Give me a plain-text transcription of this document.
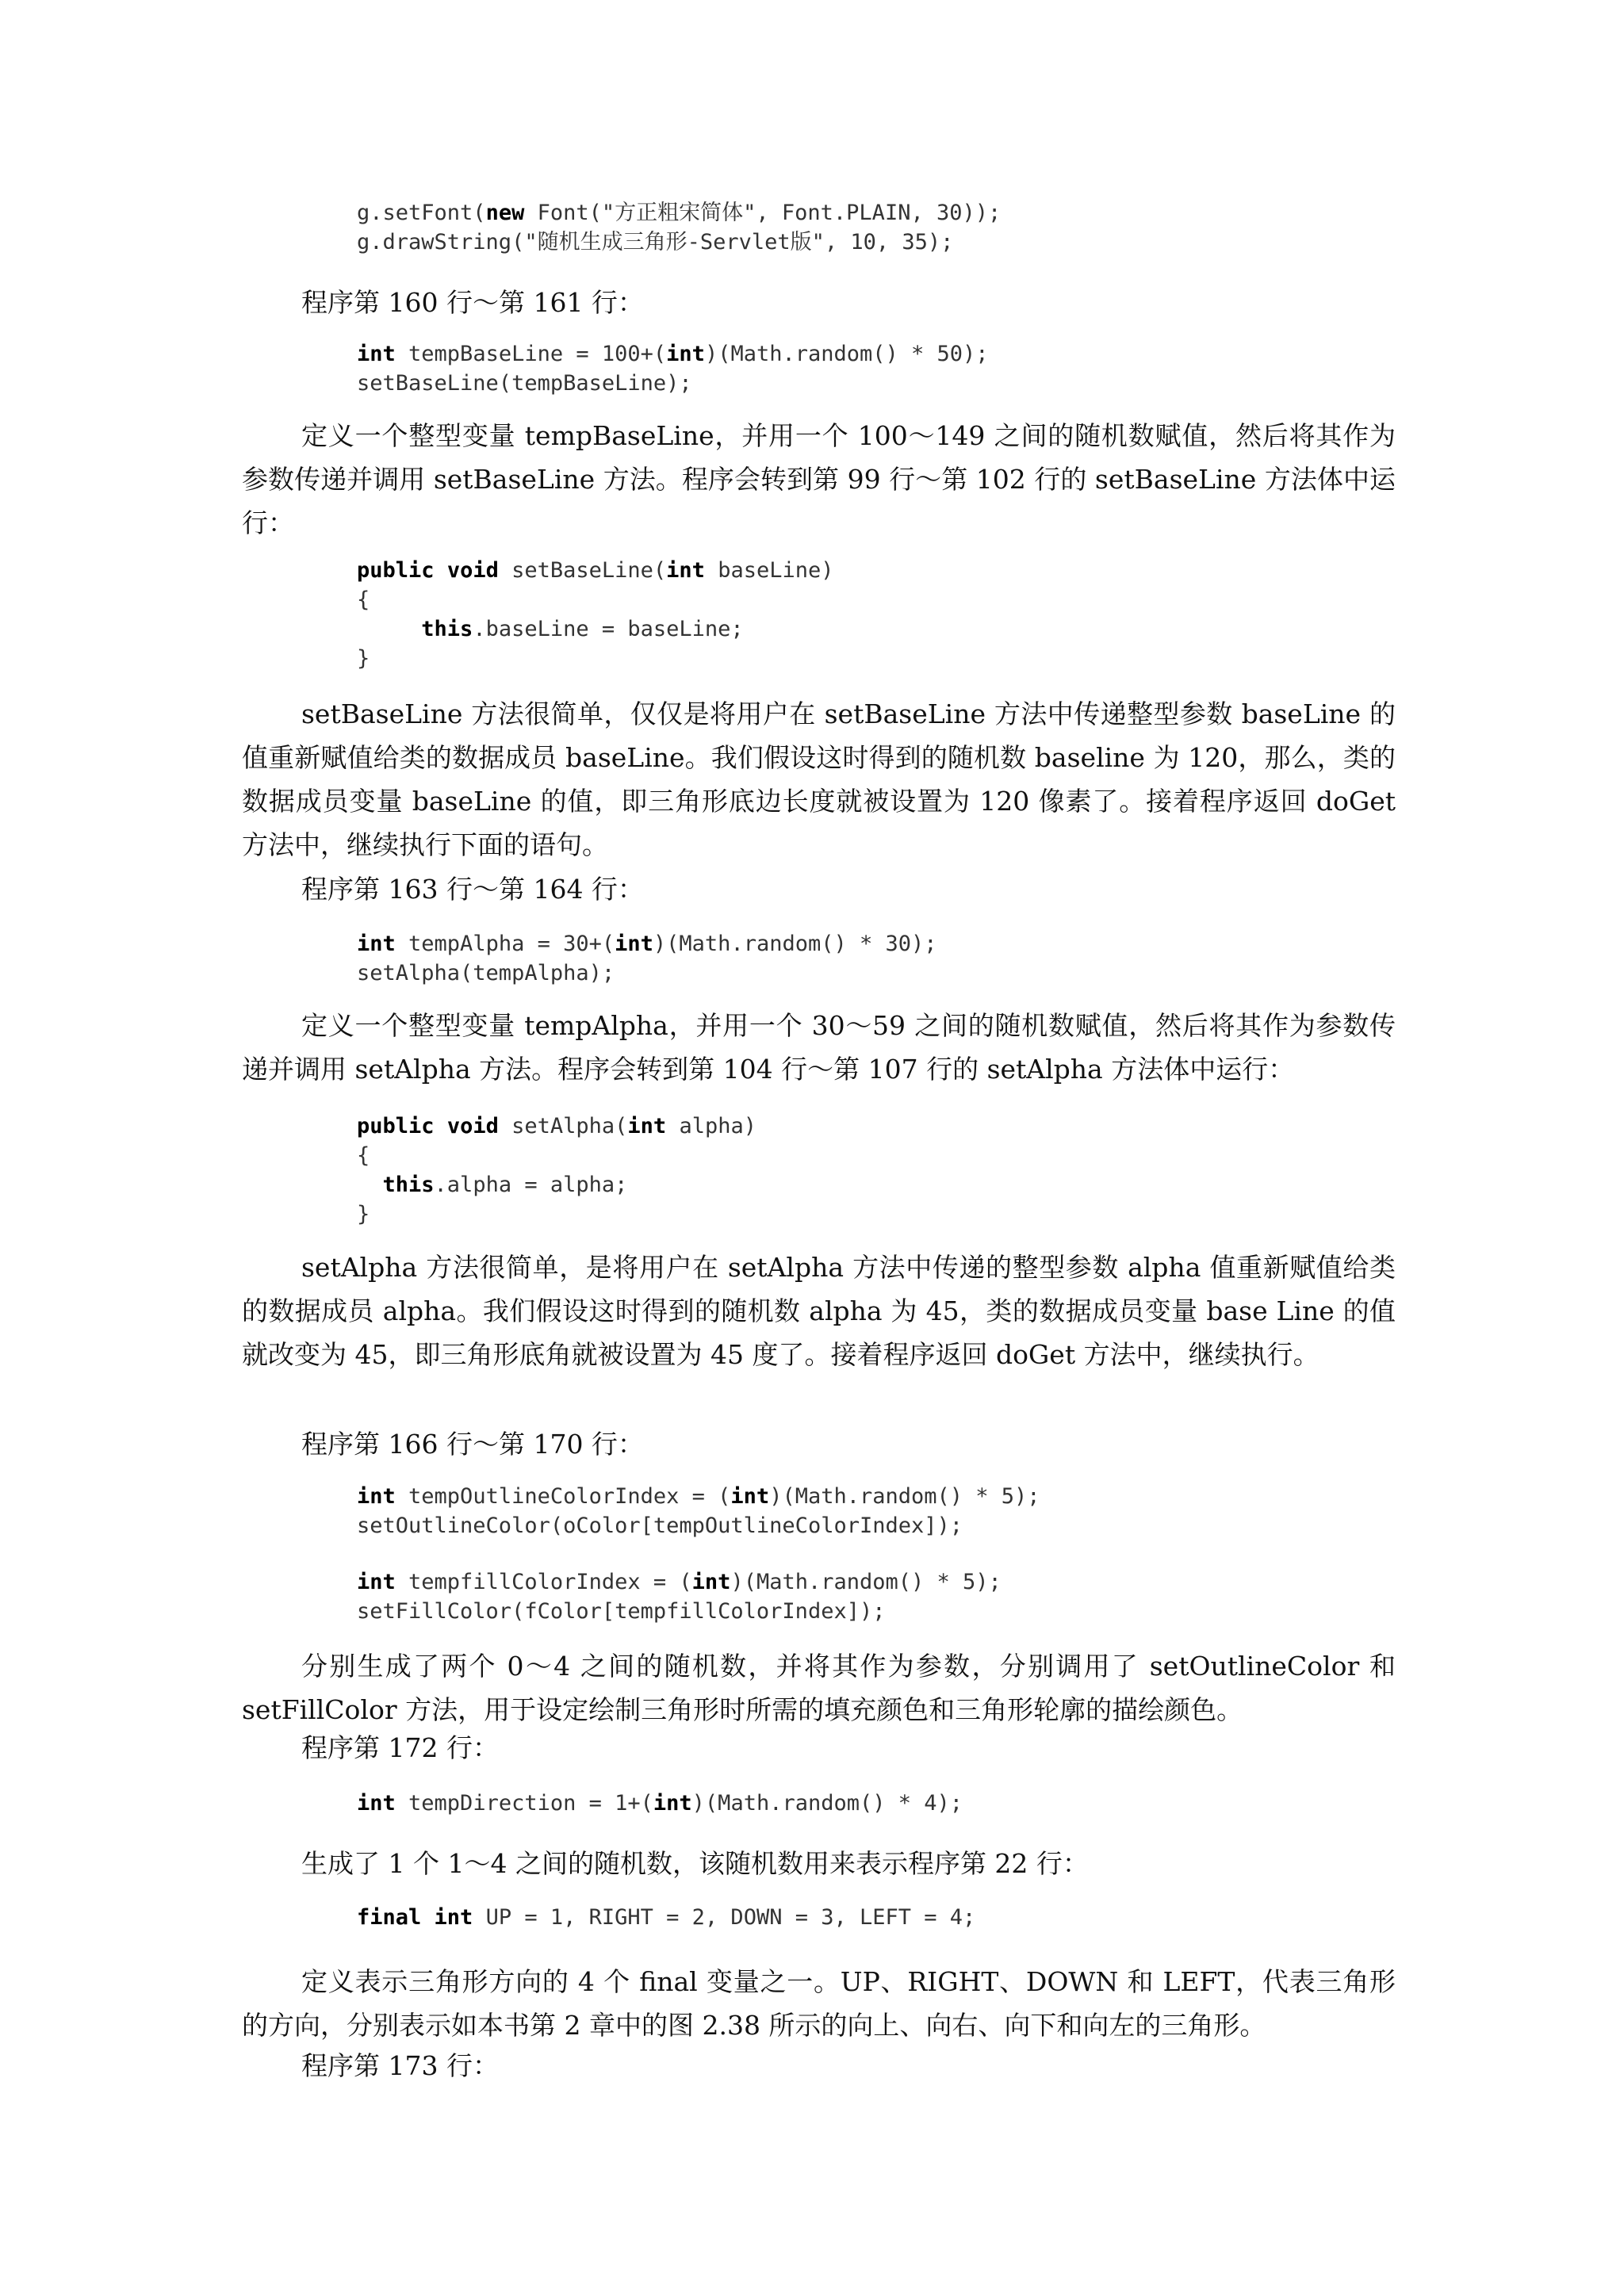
g.setFont(new Font("方正粗宋简体", Font.PLAIN, 30));
g.drawString("随机生成三角形-Servlet版", 10, 35);
程序第 160 行～第 161 行：
int tempBaseLine = 100+(int)(Math.random() * 50);
setBaseLine(tempBaseLine);
定义一个整型变量 tempBaseLine，并用一个 100～149 之间的随机数赋值，然后将其作为参数传递并调用 setBaseLine 方法。程序会转到第 99 行～第 102 行的 setBaseLine 方法体中运行：
public void setBaseLine(int baseLine)
{
this.baseLine = baseLine;
}
setBaseLine 方法很简单，仅仅是将用户在 setBaseLine 方法中传递整型参数 baseLine 的值重新赋值给类的数据成员 baseLine。我们假设这时得到的随机数 baseline 为 120，那么，类的数据成员变量 baseLine 的值，即三角形底边长度就被设置为 120 像素了。接着程序返回 doGet 方法中，继续执行下面的语句。
程序第 163 行～第 164 行：
int tempAlpha = 30+(int)(Math.random() * 30);
setAlpha(tempAlpha);
定义一个整型变量 tempAlpha，并用一个 30～59 之间的随机数赋值，然后将其作为参数传递并调用 setAlpha 方法。程序会转到第 104 行～第 107 行的 setAlpha 方法体中运行：
public void setAlpha(int alpha)
{
this.alpha = alpha;
}
setAlpha 方法很简单，是将用户在 setAlpha 方法中传递的整型参数 alpha 值重新赋值给类的数据成员 alpha。我们假设这时得到的随机数 alpha 为 45，类的数据成员变量 base Line 的值就改变为 45，即三角形底角就被设置为 45 度了。接着程序返回 doGet 方法中，继续执行。
程序第 166 行～第 170 行：
int tempOutlineColorIndex = (int)(Math.random() * 5);
setOutlineColor(oColor[tempOutlineColorIndex]);
int tempfillColorIndex = (int)(Math.random() * 5);
setFillColor(fColor[tempfillColorIndex]);
分别生成了两个 0～4 之间的随机数，并将其作为参数，分别调用了 setOutlineColor 和 setFillColor 方法，用于设定绘制三角形时所需的填充颜色和三角形轮廓的描绘颜色。
程序第 172 行：
int tempDirection = 1+(int)(Math.random() * 4);
生成了 1 个 1～4 之间的随机数，该随机数用来表示程序第 22 行：
final int UP = 1, RIGHT = 2, DOWN = 3, LEFT = 4;
定义表示三角形方向的 4 个 final 变量之一。UP、RIGHT、DOWN 和 LEFT，代表三角形的方向，分别表示如本书第 2 章中的图 2.38 所示的向上、向右、向下和向左的三角形。
程序第 173 行：
